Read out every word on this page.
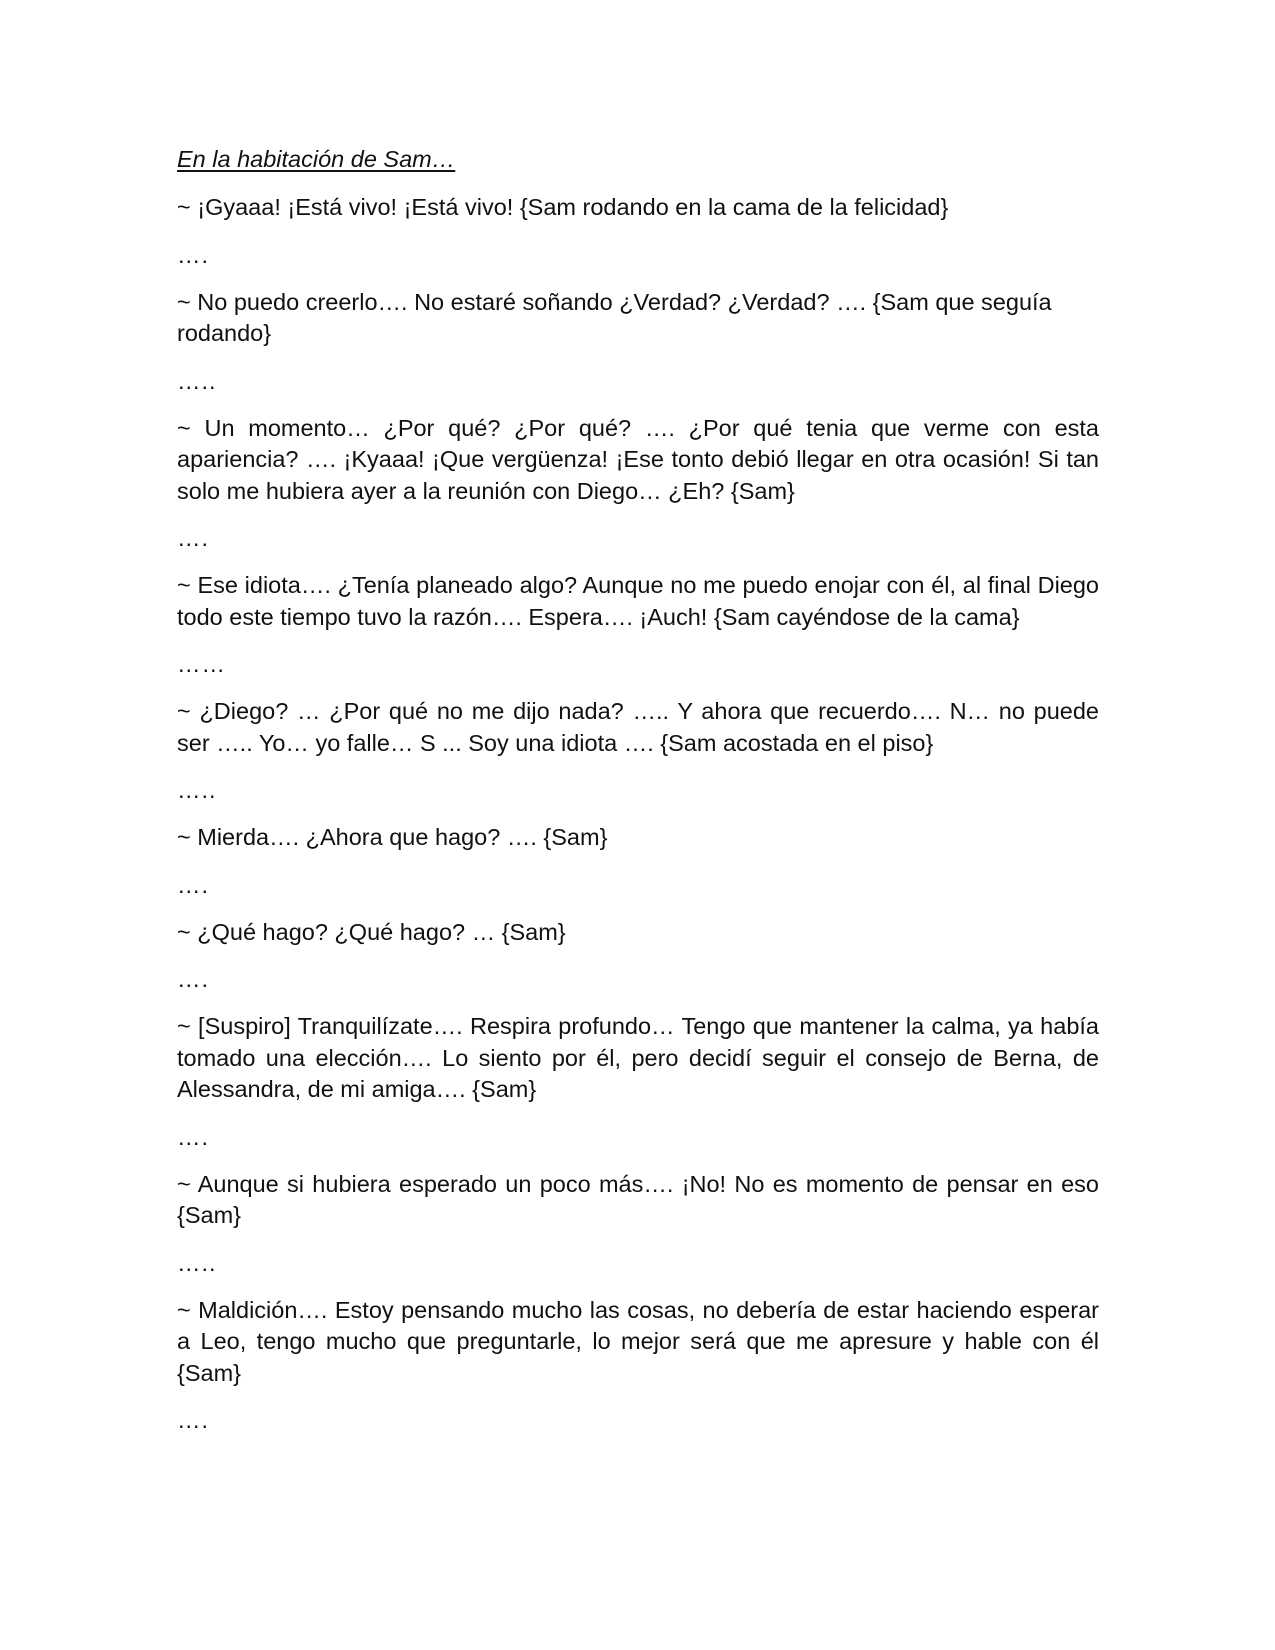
En la habitación de Sam…

~ ¡Gyaaa! ¡Está vivo! ¡Está vivo! {Sam rodando en la cama de la felicidad}

….

~ No puedo creerlo…. No estaré soñando ¿Verdad? ¿Verdad? …. {Sam que seguía rodando}

…..

~ Un momento… ¿Por qué? ¿Por qué? …. ¿Por qué tenia que verme con esta apariencia? …. ¡Kyaaa! ¡Que vergüenza! ¡Ese tonto debió llegar en otra ocasión! Si tan solo me hubiera ayer a la reunión con Diego… ¿Eh? {Sam}

….

~ Ese idiota…. ¿Tenía planeado algo? Aunque no me puedo enojar con él, al final Diego todo este tiempo tuvo la razón…. Espera…. ¡Auch! {Sam cayéndose de la cama}

……

~ ¿Diego? … ¿Por qué no me dijo nada? ….. Y ahora que recuerdo…. N… no puede ser ….. Yo… yo falle… S ... Soy una idiota …. {Sam acostada en el piso}

…..

~ Mierda…. ¿Ahora que hago? …. {Sam}

….

~ ¿Qué hago? ¿Qué hago? … {Sam}

….

~ [Suspiro] Tranquilízate…. Respira profundo… Tengo que mantener la calma, ya había tomado una elección…. Lo siento por él, pero decidí seguir el consejo de Berna, de Alessandra, de mi amiga…. {Sam}

….

~ Aunque si hubiera esperado un poco más…. ¡No! No es momento de pensar en eso {Sam}

…..

~ Maldición…. Estoy pensando mucho las cosas, no debería de estar haciendo esperar a Leo, tengo mucho que preguntarle, lo mejor será que me apresure y hable con él {Sam}

….
